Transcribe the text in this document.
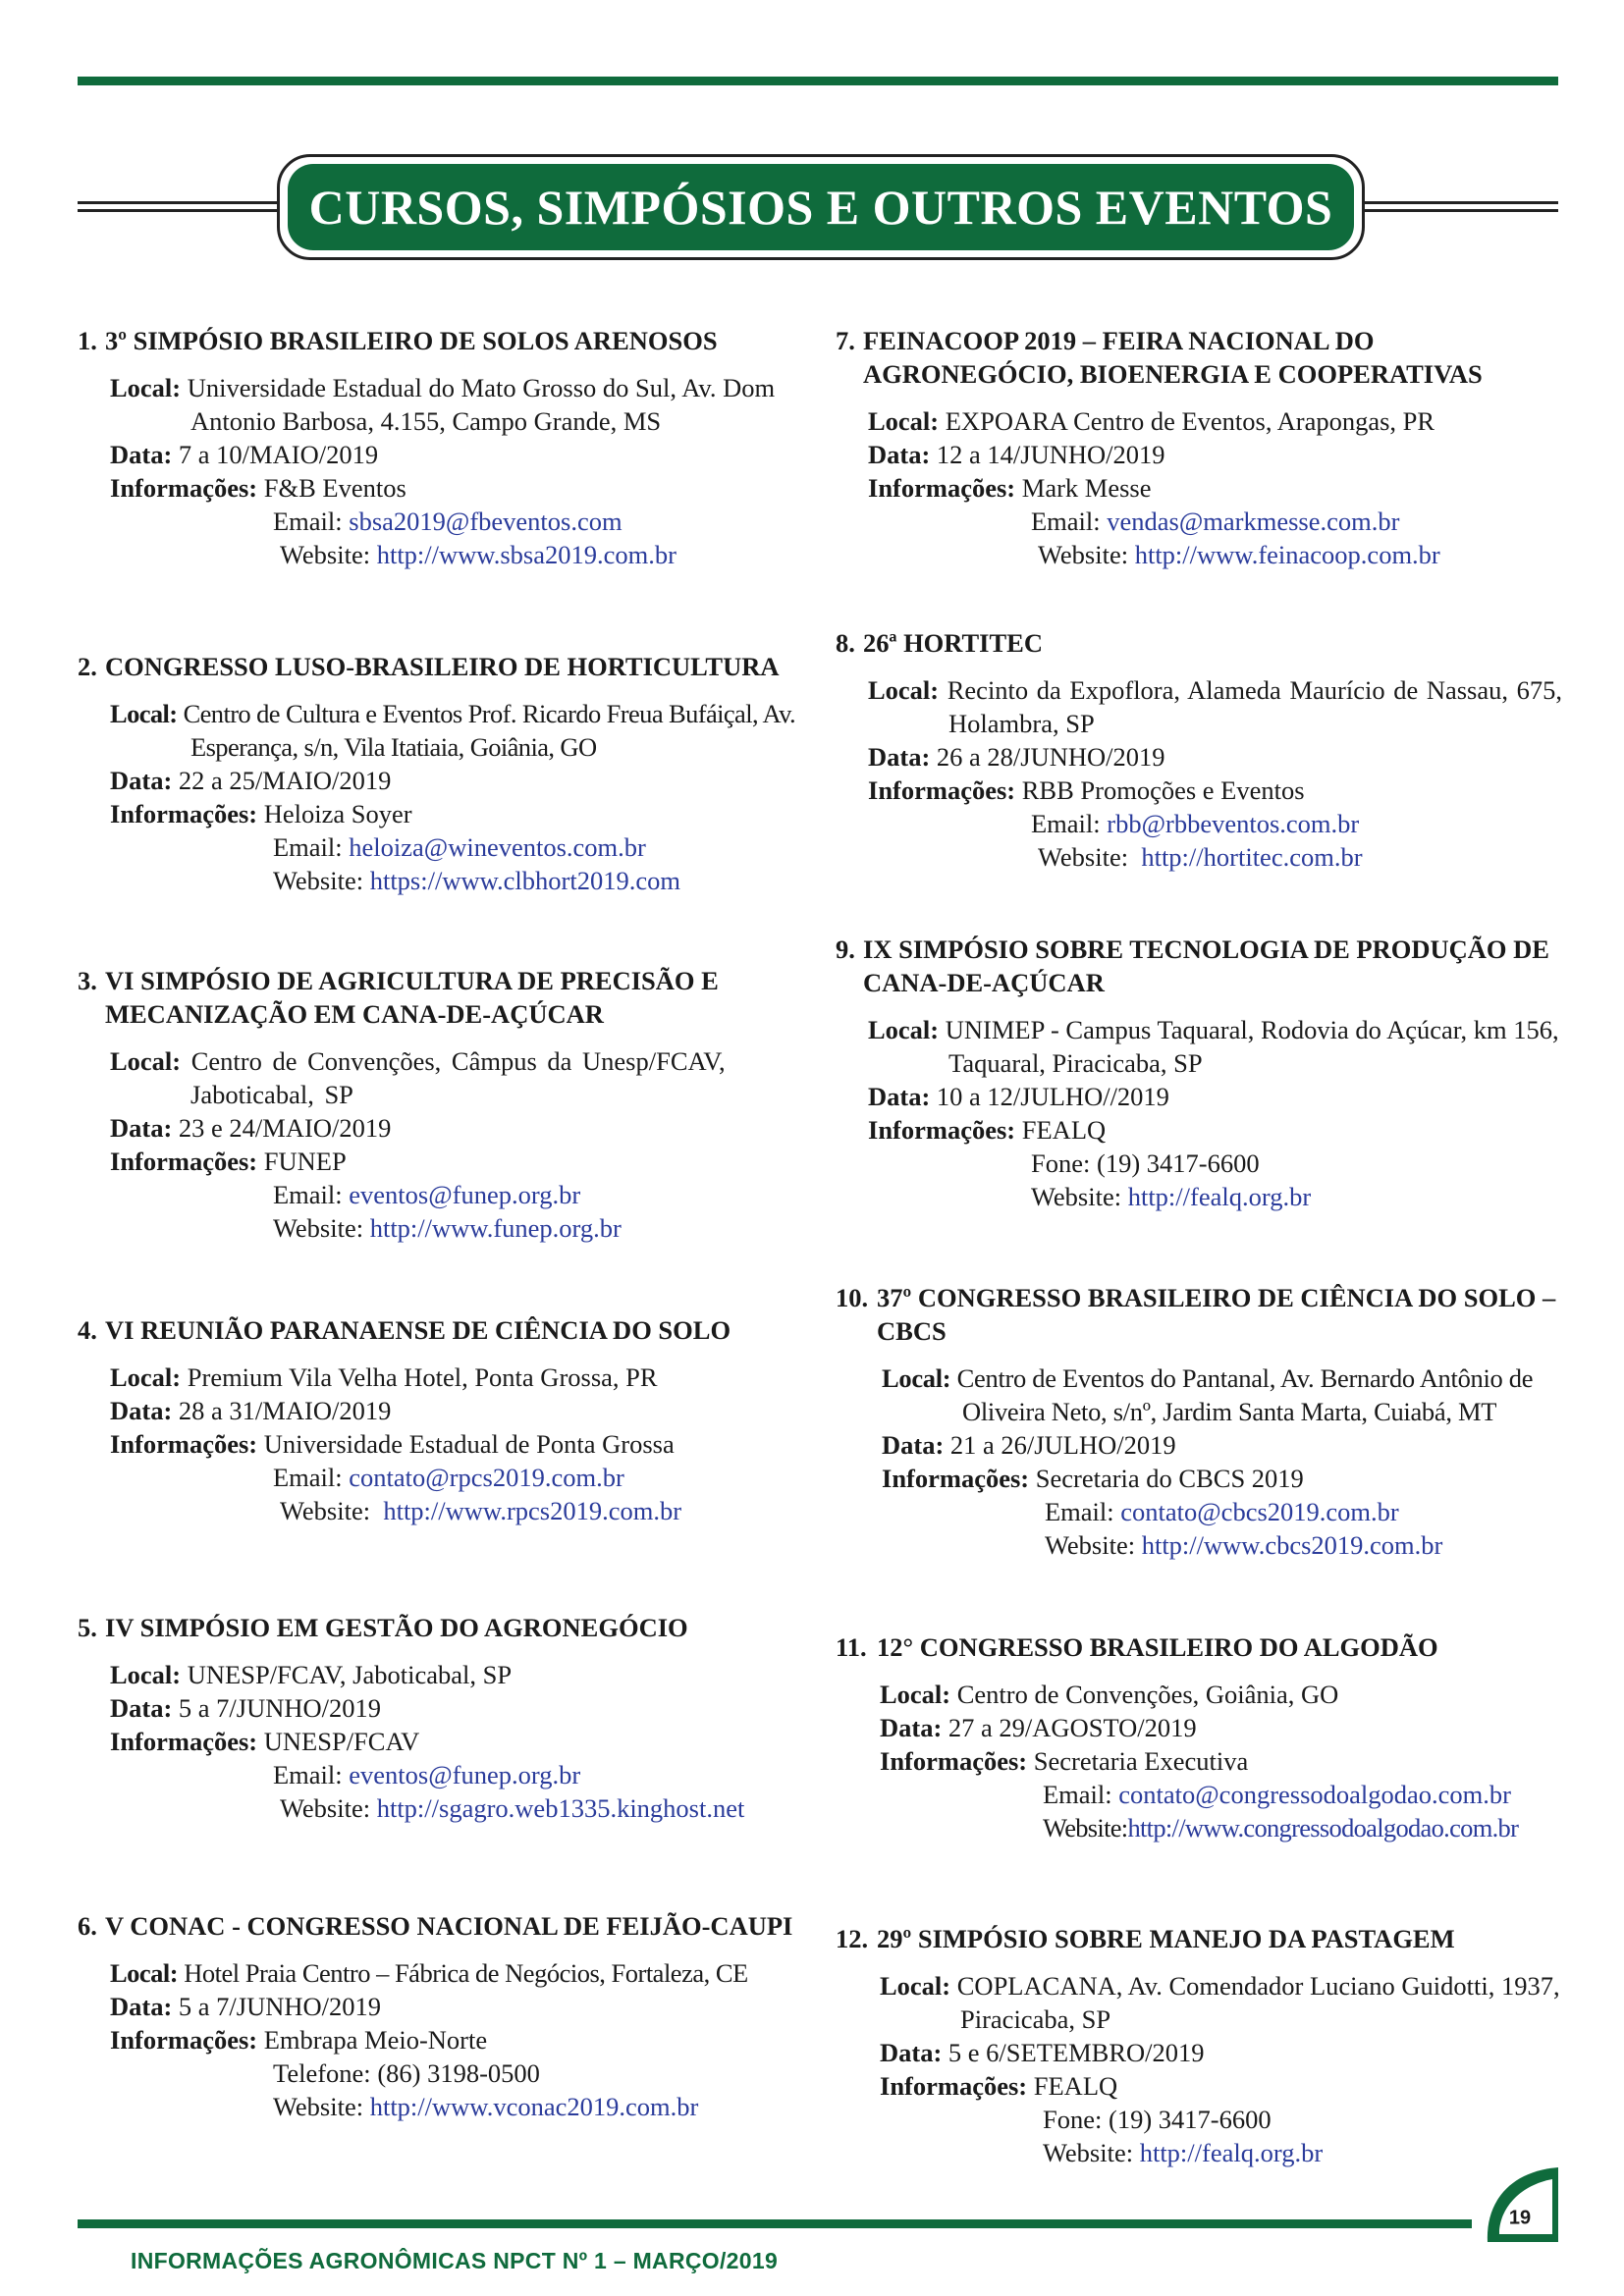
CURSOS, SIMPÓSIOS E OUTROS EVENTOS
1. 3º SIMPÓSIO BRASILEIRO DE SOLOS ARENOSOS
Local: Universidade Estadual do Mato Grosso do Sul, Av. Dom Antonio Barbosa, 4.155, Campo Grande, MS
Data: 7 a 10/MAIO/2019
Informações: F&B Eventos
Email: sbsa2019@fbeventos.com
Website: http://www.sbsa2019.com.br
2. CONGRESSO LUSO-BRASILEIRO DE HORTICULTURA
Local: Centro de Cultura e Eventos Prof. Ricardo Freua Bufáiçal, Av. Esperança, s/n, Vila Itatiaia, Goiânia, GO
Data: 22 a 25/MAIO/2019
Informações: Heloiza Soyer
Email: heloiza@wineventos.com.br
Website: https://www.clbhort2019.com
3. VI SIMPÓSIO DE AGRICULTURA DE PRECISÃO E MECANIZAÇÃO EM CANA-DE-AÇÚCAR
Local: Centro de Convenções, Câmpus da Unesp/FCAV, Jaboticabal, SP
Data: 23 e 24/MAIO/2019
Informações: FUNEP
Email: eventos@funep.org.br
Website: http://www.funep.org.br
4. VI REUNIÃO PARANAENSE DE CIÊNCIA DO SOLO
Local: Premium Vila Velha Hotel, Ponta Grossa, PR
Data: 28 a 31/MAIO/2019
Informações: Universidade Estadual de Ponta Grossa
Email: contato@rpcs2019.com.br
Website: http://www.rpcs2019.com.br
5. IV SIMPÓSIO EM GESTÃO DO AGRONEGÓCIO
Local: UNESP/FCAV, Jaboticabal, SP
Data: 5 a 7/JUNHO/2019
Informações: UNESP/FCAV
Email: eventos@funep.org.br
Website: http://sgagro.web1335.kinghost.net
6. V CONAC - CONGRESSO NACIONAL DE FEIJÃO-CAUPI
Local: Hotel Praia Centro – Fábrica de Negócios, Fortaleza, CE
Data: 5 a 7/JUNHO/2019
Informações: Embrapa Meio-Norte
Telefone: (86) 3198-0500
Website: http://www.vconac2019.com.br
7. FEINACOOP 2019 – FEIRA NACIONAL DO AGRONEGÓCIO, BIOENERGIA E COOPERATIVAS
Local: EXPOARA Centro de Eventos, Arapongas, PR
Data: 12 a 14/JUNHO/2019
Informações: Mark Messe
Email: vendas@markmesse.com.br
Website: http://www.feinacoop.com.br
8. 26ª HORTITEC
Local: Recinto da Expoflora, Alameda Maurício de Nassau, 675, Holambra, SP
Data: 26 a 28/JUNHO/2019
Informações: RBB Promoções e Eventos
Email: rbb@rbbeventos.com.br
Website: http://hortitec.com.br
9. IX SIMPÓSIO SOBRE TECNOLOGIA DE PRODUÇÃO DE CANA-DE-AÇÚCAR
Local: UNIMEP - Campus Taquaral, Rodovia do Açúcar, km 156, Taquaral, Piracicaba, SP
Data: 10 a 12/JULHO//2019
Informações: FEALQ
Fone: (19) 3417-6600
Website: http://fealq.org.br
10. 37º CONGRESSO BRASILEIRO DE CIÊNCIA DO SOLO – CBCS
Local: Centro de Eventos do Pantanal, Av. Bernardo Antônio de Oliveira Neto, s/nº, Jardim Santa Marta, Cuiabá, MT
Data: 21 a 26/JULHO/2019
Informações: Secretaria do CBCS 2019
Email: contato@cbcs2019.com.br
Website: http://www.cbcs2019.com.br
11. 12° CONGRESSO BRASILEIRO DO ALGODÃO
Local: Centro de Convenções, Goiânia, GO
Data: 27 a 29/AGOSTO/2019
Informações: Secretaria Executiva
Email: contato@congressodoalgodao.com.br
Website:http://www.congressodoalgodao.com.br
12. 29º SIMPÓSIO SOBRE MANEJO DA PASTAGEM
Local: COPLACANA, Av. Comendador Luciano Guidotti, 1937, Piracicaba, SP
Data: 5 e 6/SETEMBRO/2019
Informações: FEALQ
Fone: (19) 3417-6600
Website: http://fealq.org.br
19
INFORMAÇÕES AGRONÔMICAS NPCT Nº 1 – MARÇO/2019
